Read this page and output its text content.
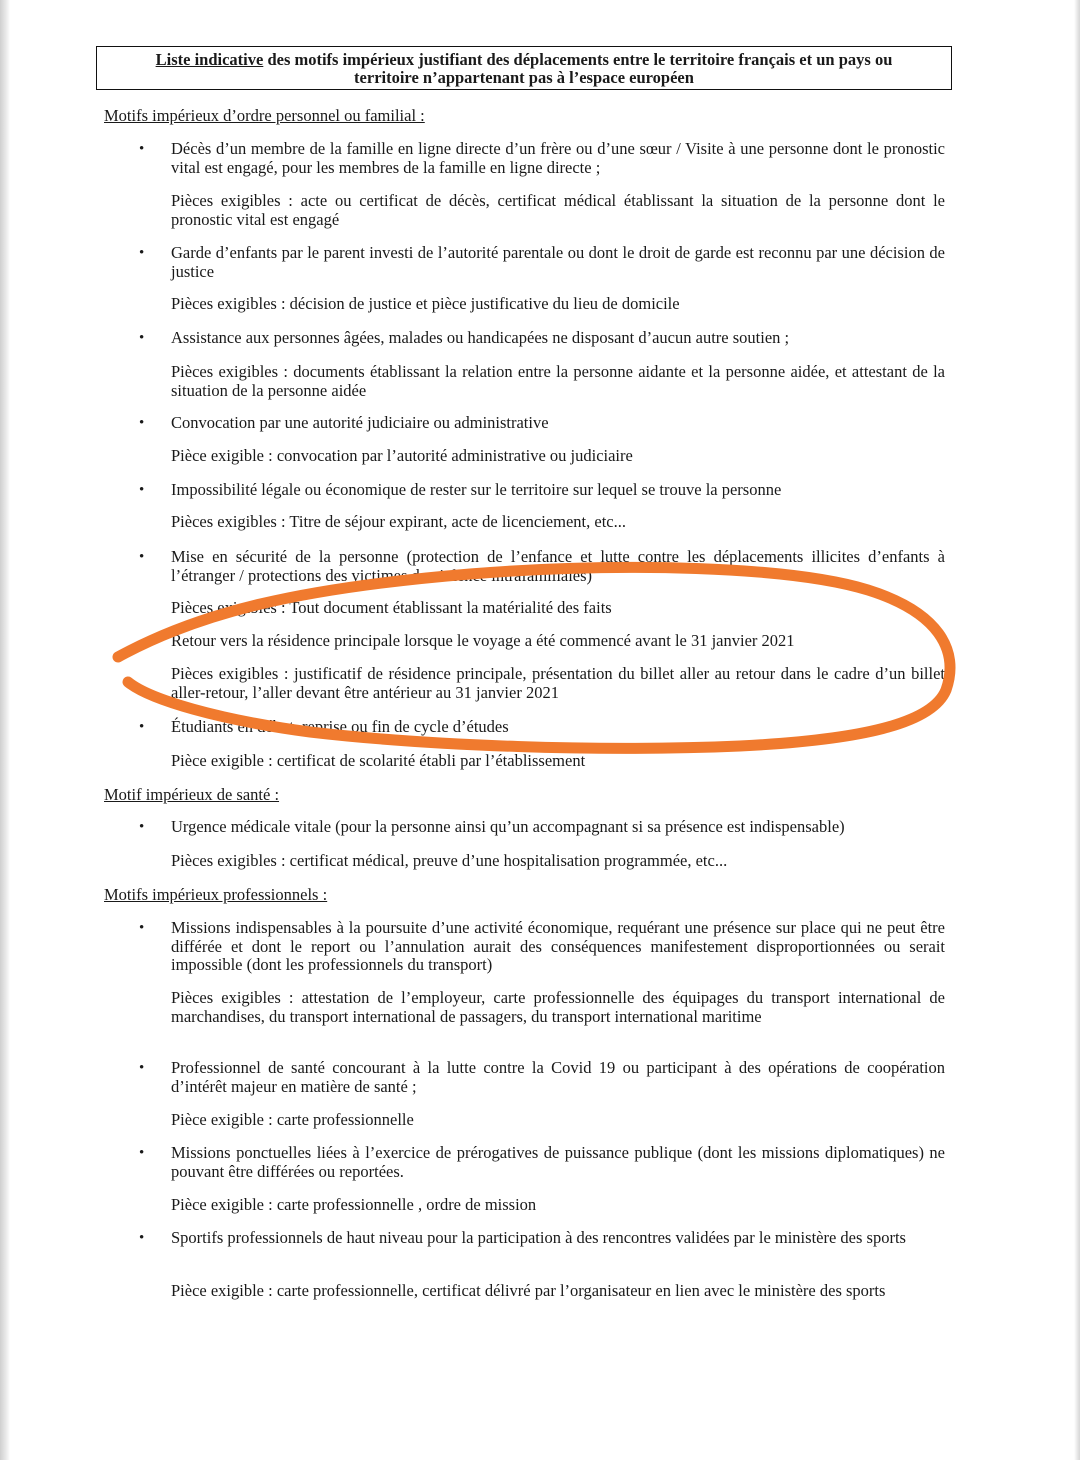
Liste indicative des motifs impérieux justifiant des déplacements entre le territoire français et un pays ou
territoire n’appartenant pas à l’espace européen
Motifs impérieux d’ordre personnel ou familial :
• Décès d’un membre de la famille en ligne directe d’un frère ou d’une sœur / Visite à une personne dont le pronostic vital est engagé, pour les membres de la famille en ligne directe ;
Pièces exigibles : acte ou certificat de décès, certificat médical établissant la situation de la personne dont le pronostic vital est engagé
• Garde d’enfants par le parent investi de l’autorité parentale ou dont le droit de garde est reconnu par une décision de justice
Pièces exigibles : décision de justice et pièce justificative du lieu de domicile
• Assistance aux personnes âgées, malades ou handicapées ne disposant d’aucun autre soutien ;
Pièces exigibles : documents établissant la relation entre la personne aidante et la personne aidée, et attestant de la situation de la personne aidée
• Convocation par une autorité judiciaire ou administrative
Pièce exigible : convocation par l’autorité administrative ou judiciaire
• Impossibilité légale ou économique de rester sur le territoire sur lequel se trouve la personne
Pièces exigibles : Titre de séjour expirant, acte de licenciement, etc...
• Mise en sécurité de la personne (protection de l’enfance et lutte contre les déplacements illicites d’enfants à l’étranger / protections des victimes de violence intrafamiliales)
Pièces exigibles : Tout document établissant la matérialité des faits
Retour vers la résidence principale lorsque le voyage a été commencé avant le 31 janvier 2021
Pièces exigibles : justificatif de résidence principale, présentation du billet aller au retour dans le cadre d’un billet aller-retour, l’aller devant être antérieur au 31 janvier 2021
• Étudiants en début, reprise ou fin de cycle d’études
Pièce exigible : certificat de scolarité établi par l’établissement
Motif impérieux de santé :
• Urgence médicale vitale (pour la personne ainsi qu’un accompagnant si sa présence est indispensable)
Pièces exigibles : certificat médical, preuve d’une hospitalisation programmée, etc...
Motifs impérieux professionnels :
• Missions indispensables à la poursuite d’une activité économique, requérant une présence sur place qui ne peut être différée et dont le report ou l’annulation aurait des conséquences manifestement disproportionnées ou serait impossible (dont les professionnels du transport)
Pièces exigibles : attestation de l’employeur, carte professionnelle des équipages du transport international de marchandises, du transport international de passagers, du transport international maritime
• Professionnel de santé concourant à la lutte contre la Covid 19 ou participant à des opérations de coopération d’intérêt majeur en matière de santé ;
Pièce exigible : carte professionnelle
• Missions ponctuelles liées à l’exercice de prérogatives de puissance publique (dont les missions diplomatiques) ne pouvant être différées ou reportées.
Pièce exigible : carte professionnelle , ordre de mission
• Sportifs professionnels de haut niveau pour la participation à des rencontres validées par le ministère des sports
Pièce exigible : carte professionnelle, certificat délivré par l’organisateur en lien avec le ministère des sports
